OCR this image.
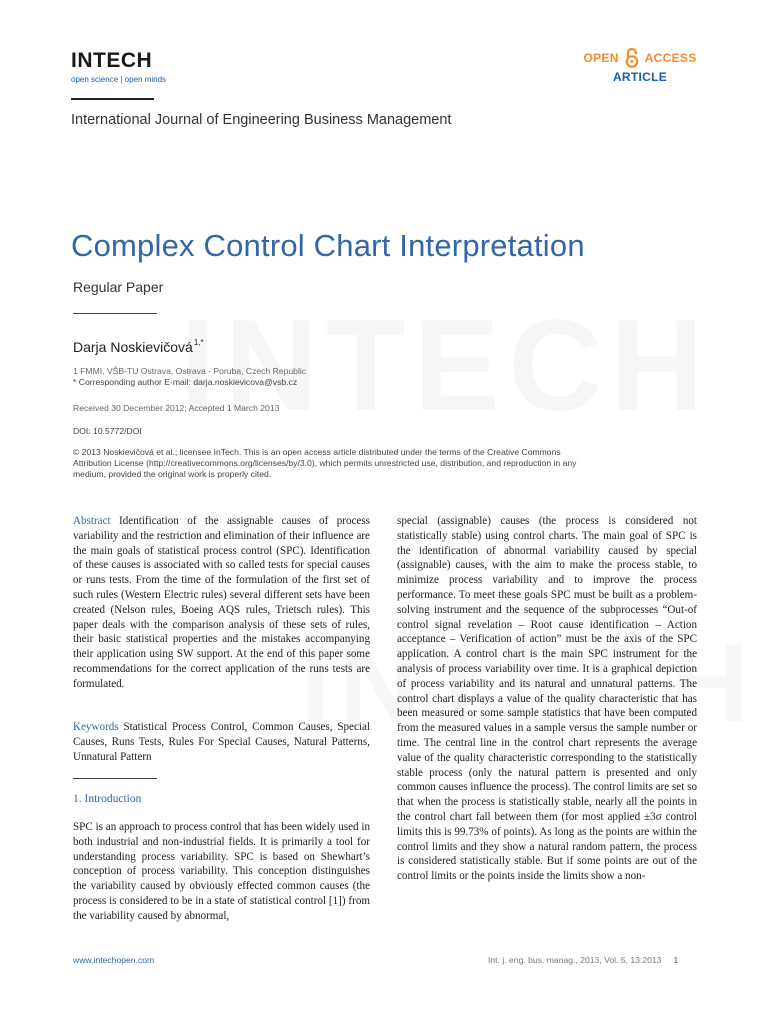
INTECH
open science | open minds
OPEN ACCESS
ARTICLE
International Journal of Engineering Business Management
Complex Control Chart Interpretation
Regular Paper
Darja Noskievičová$^{1,*}$
1 FMMI, VŠB-TU Ostrava, Ostrava - Poruba, Czech Republic
* Corresponding author E-mail: darja.noskievicova@vsb.cz
Received 30 December 2012; Accepted 1 March 2013
DOI: 10.5772/DOI
© 2013 Noskievičová et al.; licensee InTech. This is an open access article distributed under the terms of the Creative Commons Attribution License (http://creativecommons.org/licenses/by/3.0), which permits unrestricted use, distribution, and reproduction in any medium, provided the original work is properly cited.
Abstract Identification of the assignable causes of process variability and the restriction and elimination of their influence are the main goals of statistical process control (SPC). Identification of these causes is associated with so called tests for special causes or runs tests. From the time of the formulation of the first set of such rules (Western Electric rules) several different sets have been created (Nelson rules, Boeing AQS rules, Trietsch rules). This paper deals with the comparison analysis of these sets of rules, their basic statistical properties and the mistakes accompanying their application using SW support. At the end of this paper some recommendations for the correct application of the runs tests are formulated.
Keywords Statistical Process Control, Common Causes, Special Causes, Runs Tests, Rules For Special Causes, Natural Patterns, Unnatural Pattern
1. Introduction
SPC is an approach to process control that has been widely used in both industrial and non-industrial fields. It is primarily a tool for understanding process variability. SPC is based on Shewhart’s conception of process variability. This conception distinguishes the variability caused by obviously effected common causes (the process is considered to be in a state of statistical control [1]) from the variability caused by abnormal,
special (assignable) causes (the process is considered not statistically stable) using control charts. The main goal of SPC is the identification of abnormal variability caused by special (assignable) causes, with the aim to make the process stable, to minimize process variability and to improve the process performance. To meet these goals SPC must be built as a problem-solving instrument and the sequence of the subprocesses “Out-of control signal revelation – Root cause identification – Action acceptance – Verification of action” must be the axis of the SPC application. A control chart is the main SPC instrument for the analysis of process variability over time. It is a graphical depiction of process variability and its natural and unnatural patterns. The control chart displays a value of the quality characteristic that has been measured or some sample statistics that have been computed from the measured values in a sample versus the sample number or time. The central line in the control chart represents the average value of the quality characteristic corresponding to the statistically stable process (only the natural pattern is presented and only common causes influence the process). The control limits are set so that when the process is statistically stable, nearly all the points in the control chart fall between them (for most applied ±3σ control limits this is 99.73% of points). As long as the points are within the control limits and they show a natural random pattern, the process is considered statistically stable. But if some points are out of the control limits or the points inside the limits show a non-
www.intechopen.com	Int. j. eng. bus. manag., 2013, Vol. 5, 13:2013 1
